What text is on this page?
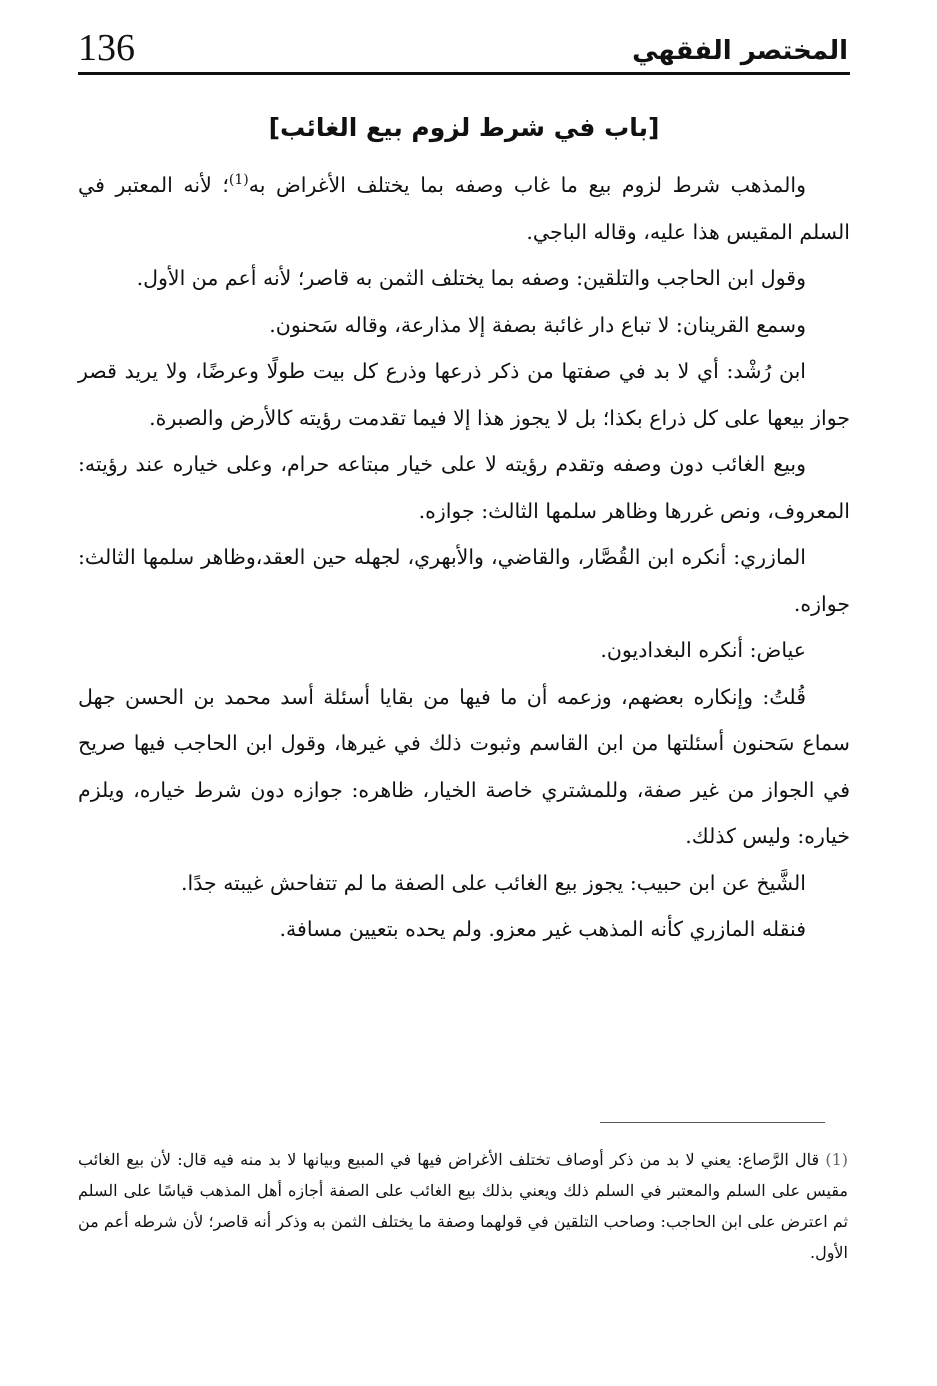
136	المختصر الفقهي
[باب في شرط لزوم بيع الغائب]

والمذهب شرط لزوم بيع ما غاب وصفه بما يختلف الأغراض به$^{(1)}$؛ لأنه المعتبر في السلم المقيس هذا عليه، وقاله الباجي.

وقول ابن الحاجب والتلقين: وصفه بما يختلف الثمن به قاصر؛ لأنه أعم من الأول.

وسمع القرينان: لا تباع دار غائبة بصفة إلا مذارعة، وقاله سَحنون.

ابن رُشْد: أي لا بد في صفتها من ذكر ذرعها وذرع كل بيت طولًا وعرضًا، ولا يريد قصر جواز بيعها على كل ذراع بكذا؛ بل لا يجوز هذا إلا فيما تقدمت رؤيته كالأرض والصبرة.

وبيع الغائب دون وصفه وتقدم رؤيته لا على خيار مبتاعه حرام، وعلى خياره عند رؤيته: المعروف، ونص غررها وظاهر سلمها الثالث: جوازه.

المازري: أنكره ابن القُصَّار، والقاضي، والأبهري، لجهله حين العقد،وظاهر سلمها الثالث: جوازه.

عياض: أنكره البغداديون.

قُلتُ: وإنكاره بعضهم، وزعمه أن ما فيها من بقايا أسئلة أسد محمد بن الحسن جهل سماع سَحنون أسئلتها من ابن القاسم وثبوت ذلك في غيرها، وقول ابن الحاجب فيها صريح في الجواز من غير صفة، وللمشتري خاصة الخيار، ظاهره: جوازه دون شرط خياره، ويلزم خياره: وليس كذلك.

الشَّيخ عن ابن حبيب: يجوز بيع الغائب على الصفة ما لم تتفاحش غيبته جدًا.

فنقله المازري كأنه المذهب غير معزو. ولم يحده بتعيين مسافة.

(1) قال الرَّصاع: يعني لا بد من ذكر أوصاف تختلف الأغراض فيها في المبيع وبيانها لا بد منه فيه قال: لأن بيع الغائب مقيس على السلم والمعتبر في السلم ذلك ويعني بذلك بيع الغائب على الصفة أجازه أهل المذهب قياسًا على السلم ثم اعترض على ابن الحاجب: وصاحب التلقين في قولهما وصفة ما يختلف الثمن به وذكر أنه قاصر؛ لأن شرطه أعم من الأول.
